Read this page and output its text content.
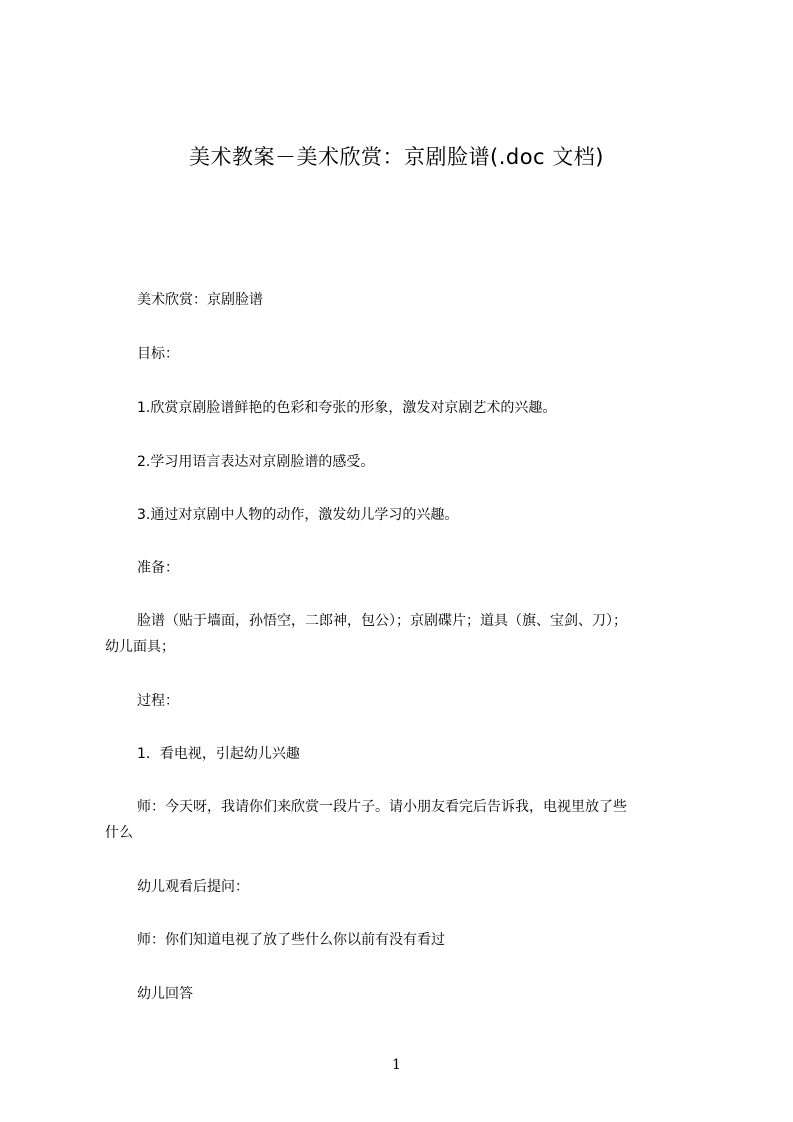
美术教案－美术欣赏：京剧脸谱(.doc 文档)
美术欣赏：京剧脸谱
目标：
1.欣赏京剧脸谱鲜艳的色彩和夸张的形象，激发对京剧艺术的兴趣。
2.学习用语言表达对京剧脸谱的感受。
3.通过对京剧中人物的动作，激发幼儿学习的兴趣。
准备：
脸谱（贴于墙面，孙悟空，二郎神，包公）；京剧碟片；道具（旗、宝剑、刀）；
幼儿面具；
过程：
1．看电视，引起幼儿兴趣
师：今天呀，我请你们来欣赏一段片子。请小朋友看完后告诉我，电视里放了些
什么
幼儿观看后提问：
师：你们知道电视了放了些什么你以前有没有看过
幼儿回答
1
